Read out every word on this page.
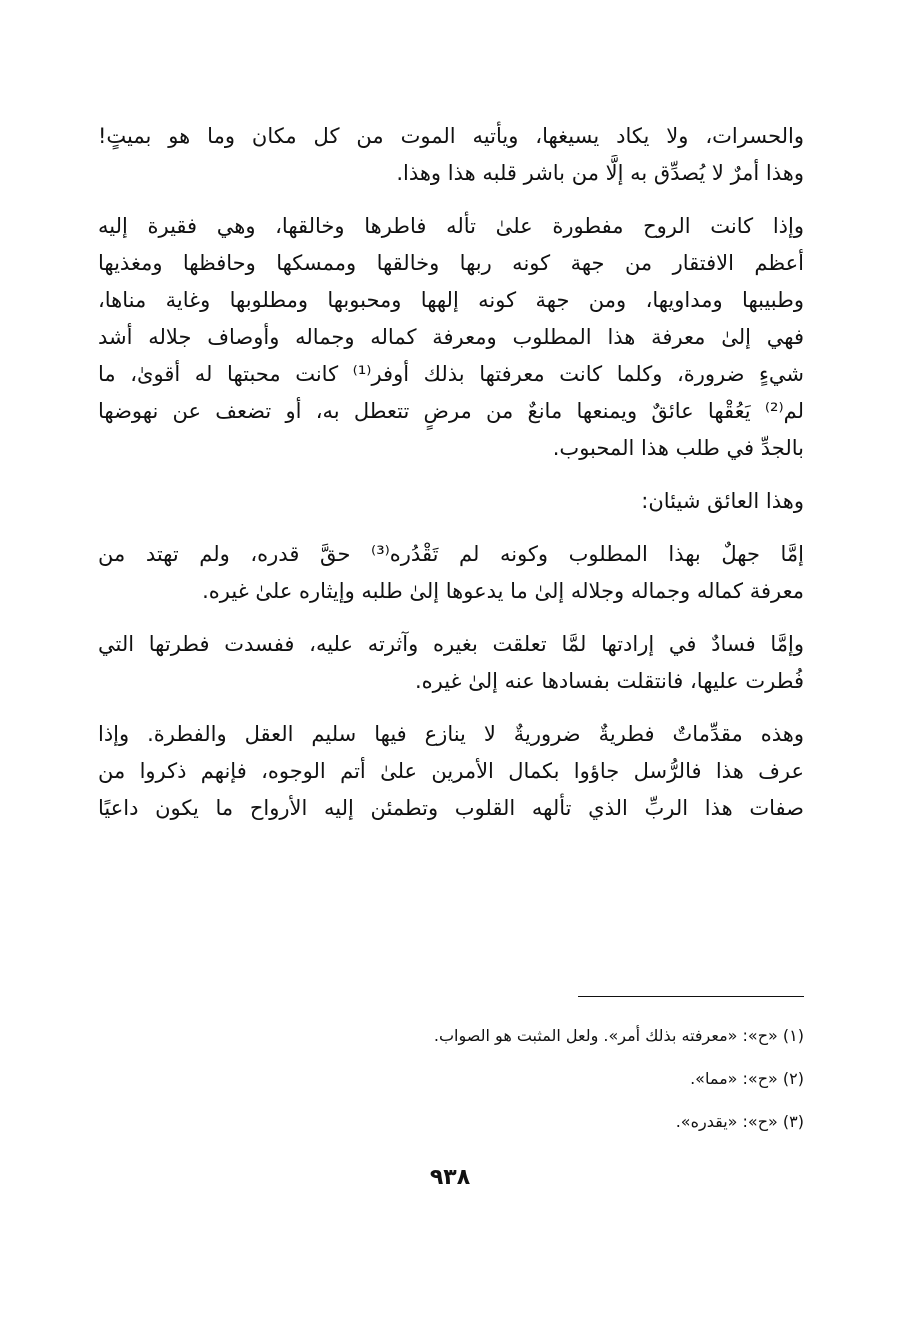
والحسرات، ولا يكاد يسيغها، ويأتيه الموت من كل مكان وما هو بميتٍ!
وهذا أمرٌ لا يُصدِّق به إلَّا من باشر قلبه هذا وهذا.
وإذا كانت الروح مفطورة علىٰ تأله فاطرها وخالقها، وهي فقيرة إليه
أعظم الافتقار من جهة كونه ربها وخالقها وممسكها وحافظها ومغذيها
وطبيبها ومداويها، ومن جهة كونه إلهها ومحبوبها ومطلوبها وغاية مناها،
فهي إلىٰ معرفة هذا المطلوب ومعرفة كماله وجماله وأوصاف جلاله أشد
شيءٍ ضرورة، وكلما كانت معرفتها بذلك أوفر⁽¹⁾ كانت محبتها له أقوىٰ، ما
لم⁽²⁾ يَعُقْها عائقٌ ويمنعها مانعٌ من مرضٍ تتعطل به، أو تضعف عن نهوضها
بالجدِّ في طلب هذا المحبوب.
وهذا العائق شيئان:
إمَّا جهلٌ بهذا المطلوب وكونه لم تَقْدُره⁽³⁾ حقَّ قدره، ولم تهتد من
معرفة كماله وجماله وجلاله إلىٰ ما يدعوها إلىٰ طلبه وإيثاره علىٰ غيره.
وإمَّا فسادٌ في إرادتها لمَّا تعلقت بغيره وآثرته عليه، ففسدت فطرتها التي
فُطرت عليها، فانتقلت بفسادها عنه إلىٰ غيره.
وهذه مقدِّماتٌ فطريةٌ ضروريةٌ لا ينازع فيها سليم العقل والفطرة. وإذا
عرف هذا فالرُّسل جاؤوا بكمال الأمرين علىٰ أتم الوجوه، فإنهم ذكروا من
صفات هذا الربِّ الذي تألهه القلوب وتطمئن إليه الأرواح ما يكون داعيًا
(١) «ح»: «معرفته بذلك أمر». ولعل المثبت هو الصواب.
(٢) «ح»: «مما».
(٣) «ح»: «يقدره».
٩٣٨
